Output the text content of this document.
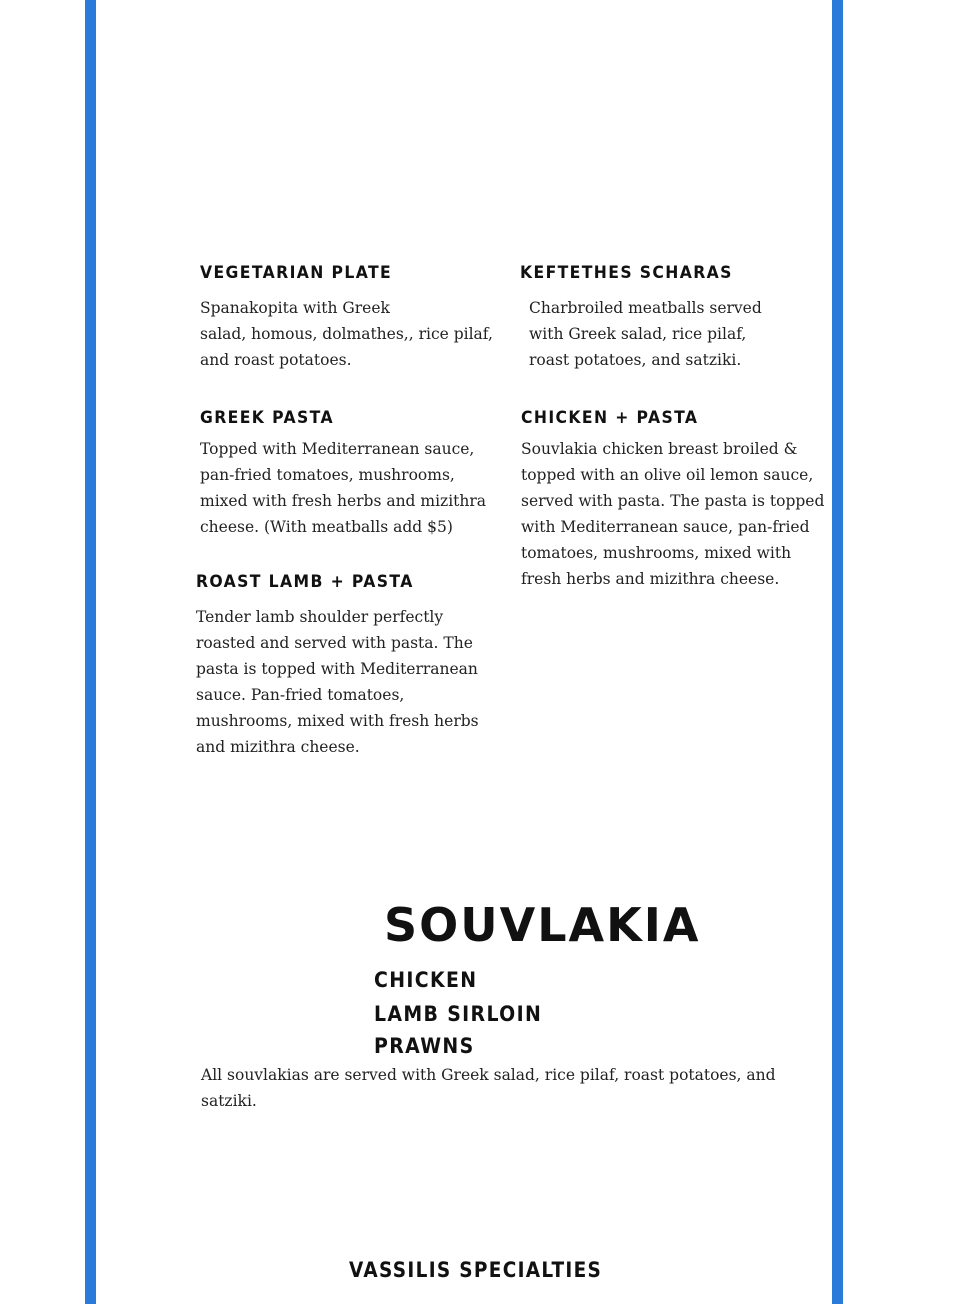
VEGETARIAN PLATE
Spanakopita with Greek
salad, homous, dolmathes,, rice pilaf,
and roast potatoes.
KEFTETHES SCHARAS
Charbroiled meatballs served
with Greek salad, rice pilaf,
roast potatoes, and satziki.
GREEK PASTA
Topped with Mediterranean sauce,
pan-fried tomatoes, mushrooms,
mixed with fresh herbs and mizithra
cheese. (With meatballs add $5)
CHICKEN + PASTA
Souvlakia chicken breast broiled &
topped with an olive oil lemon sauce,
served with pasta. The pasta is topped
with Mediterranean sauce, pan-fried
tomatoes, mushrooms, mixed with
fresh herbs and mizithra cheese.
ROAST LAMB + PASTA
Tender lamb shoulder perfectly
roasted and served with pasta. The
pasta is topped with Mediterranean
sauce. Pan-fried tomatoes,
mushrooms, mixed with fresh herbs
and mizithra cheese.
SOUVLAKIA
CHICKEN
LAMB SIRLOIN
PRAWNS
All souvlakias are served with Greek salad, rice pilaf, roast potatoes, and
satziki.
VASSILIS SPECIALTIES
